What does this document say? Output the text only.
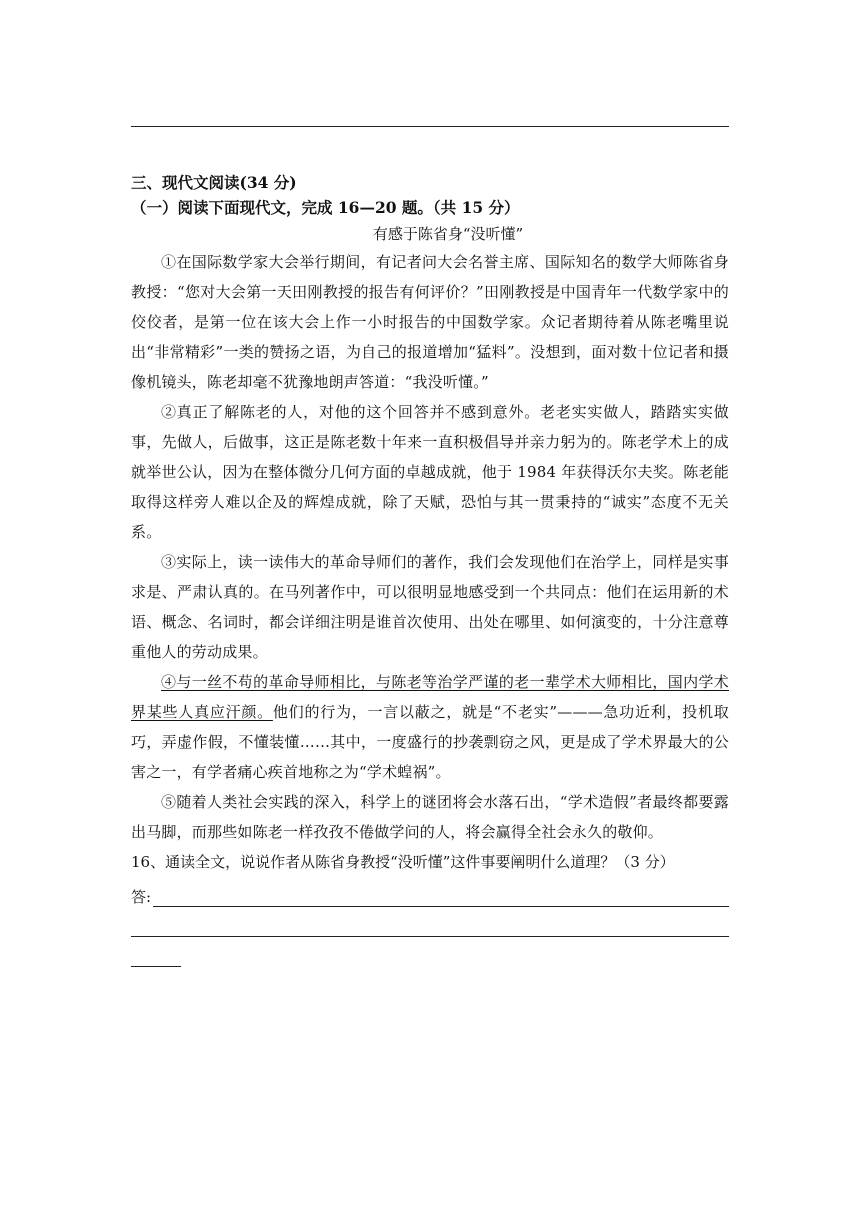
三、现代文阅读(34 分)

（一）阅读下面现代文，完成 16—20 题。（共 15 分）

有感于陈省身“没听懂”

①在国际数学家大会举行期间，有记者问大会名誉主席、国际知名的数学大师陈省身教授：“您对大会第一天田刚教授的报告有何评价？”田刚教授是中国青年一代数学家中的佼佼者，是第一位在该大会上作一小时报告的中国数学家。众记者期待着从陈老嘴里说出“非常精彩”一类的赞扬之语，为自己的报道增加“猛料”。没想到，面对数十位记者和摄像机镜头，陈老却毫不犹豫地朗声答道：“我没听懂。”

②真正了解陈老的人，对他的这个回答并不感到意外。老老实实做人，踏踏实实做事，先做人，后做事，这正是陈老数十年来一直积极倡导并亲力躬为的。陈老学术上的成就举世公认，因为在整体微分几何方面的卓越成就，他于 1984 年获得沃尔夫奖。陈老能取得这样旁人难以企及的辉煌成就，除了天赋，恐怕与其一贯秉持的“诚实”态度不无关系。

③实际上，读一读伟大的革命导师们的著作，我们会发现他们在治学上，同样是实事求是、严肃认真的。在马列著作中，可以很明显地感受到一个共同点：他们在运用新的术语、概念、名词时，都会详细注明是谁首次使用、出处在哪里、如何演变的，十分注意尊重他人的劳动成果。

④与一丝不苟的革命导师相比，与陈老等治学严谨的老一辈学术大师相比，国内学术界某些人真应汗颜。他们的行为，一言以蔽之，就是“不老实”———急功近利，投机取巧，弄虚作假，不懂装懂……其中，一度盛行的抄袭剽窃之风，更是成了学术界最大的公害之一，有学者痛心疾首地称之为“学术蝗祸”。

⑤随着人类社会实践的深入，科学上的谜团将会水落石出，“学术造假”者最终都要露出马脚，而那些如陈老一样孜孜不倦做学问的人，将会赢得全社会永久的敬仰。

16、通读全文，说说作者从陈省身教授“没听懂”这件事要阐明什么道理？（3 分）

答:
